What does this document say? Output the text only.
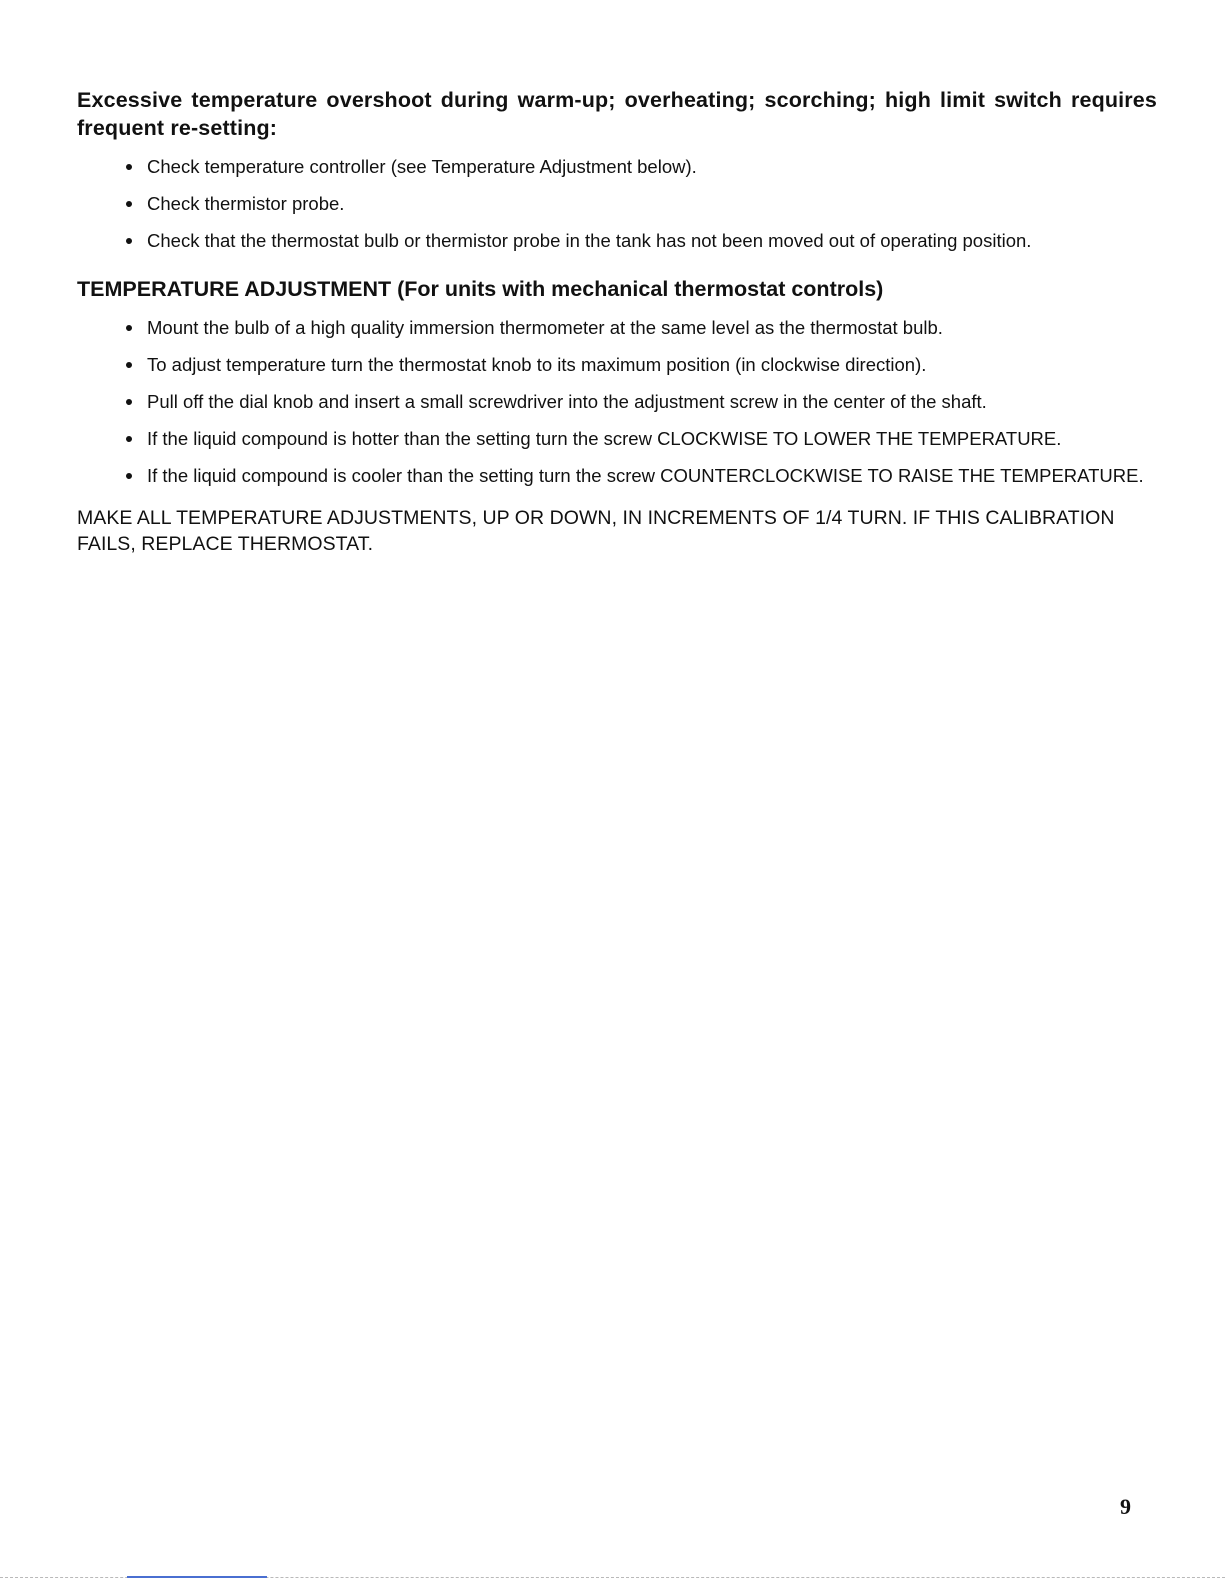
Excessive temperature overshoot during warm-up; overheating; scorching; high limit switch requires frequent re-setting:
Check temperature controller (see Temperature Adjustment below).
Check thermistor probe.
Check that the thermostat bulb or thermistor probe in the tank has not been moved out of operating position.
TEMPERATURE ADJUSTMENT (For units with mechanical thermostat controls)
Mount the bulb of a high quality immersion thermometer at the same level as the thermostat bulb.
To adjust temperature turn the thermostat knob to its maximum position (in clockwise direction).
Pull off the dial knob and insert a small screwdriver into the adjustment screw in the center of the shaft.
If the liquid compound is hotter than the setting turn the screw CLOCKWISE TO LOWER THE TEMPERATURE.
If the liquid compound is cooler than the setting turn the screw COUNTERCLOCKWISE TO RAISE THE TEMPERATURE.

MAKE ALL TEMPERATURE ADJUSTMENTS, UP OR DOWN, IN INCREMENTS OF 1/4 TURN. IF THIS CALIBRATION FAILS, REPLACE THERMOSTAT.

9
